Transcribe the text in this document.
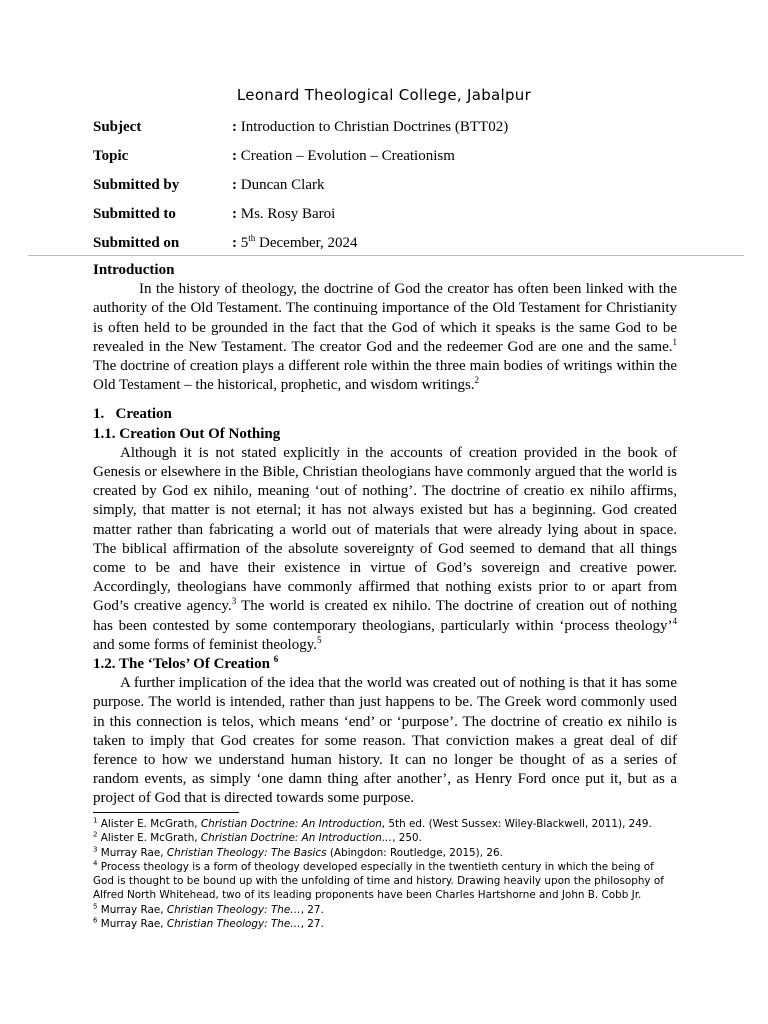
Leonard Theological College, Jabalpur
Subject	: Introduction to Christian Doctrines (BTT02)
Topic	: Creation – Evolution – Creationism
Submitted by	: Duncan Clark
Submitted to	: Ms. Rosy Baroi
Submitted on	: 5th December, 2024

Introduction

In the history of theology, the doctrine of God the creator has often been linked with the authority of the Old Testament. The continuing importance of the Old Testament for Christianity is often held to be grounded in the fact that the God of which it speaks is the same God to be revealed in the New Testament. The creator God and the redeemer God are one and the same.$^1$ The doctrine of creation plays a different role within the three main bodies of writings within the Old Testament – the historical, prophetic, and wisdom writings.$^2$

1.   Creation

1.1. Creation Out Of Nothing

Although it is not stated explicitly in the accounts of creation provided in the book of Genesis or elsewhere in the Bible, Christian theologians have commonly argued that the world is created by God ex nihilo, meaning ‘out of nothing’. The doctrine of creatio ex nihilo affirms, simply, that matter is not eternal; it has not always existed but has a beginning. God created matter rather than fabricating a world out of materials that were already lying about in space. The biblical affirmation of the absolute sovereignty of God seemed to demand that all things come to be and have their existence in virtue of God’s sovereign and creative power. Accordingly, theologians have commonly affirmed that nothing exists prior to or apart from God’s creative agency.$^3$ The world is created ex nihilo. The doctrine of creation out of nothing has been contested by some contemporary theologians, particularly within ‘process theology’$^4$ and some forms of feminist theology.$^5$

1.2. The ‘Telos’ Of Creation $^6$

A further implication of the idea that the world was created out of nothing is that it has some purpose. The world is intended, rather than just happens to be. The Greek word commonly used in this connection is telos, which means ‘end’ or ‘purpose’. The doctrine of creatio ex nihilo is taken to imply that God creates for some reason. That conviction makes a great deal of dif ference to how we understand human history. It can no longer be thought of as a series of random events, as simply ‘one damn thing after another’, as Henry Ford once put it, but as a project of God that is directed towards some purpose.

$^1$ Alister E. McGrath, Christian Doctrine: An Introduction, 5th ed. (West Sussex: Wiley-Blackwell, 2011), 249.
$^2$ Alister E. McGrath, Christian Doctrine: An Introduction…, 250.
$^3$ Murray Rae, Christian Theology: The Basics (Abingdon: Routledge, 2015), 26.
$^4$ Process theology is a form of theology developed especially in the twentieth century in which the being of God is thought to be bound up with the unfolding of time and history. Drawing heavily upon the philosophy of Alfred North Whitehead, two of its leading proponents have been Charles Hartshorne and John B. Cobb Jr.
$^5$ Murray Rae, Christian Theology: The…, 27.
$^6$ Murray Rae, Christian Theology: The…, 27.
